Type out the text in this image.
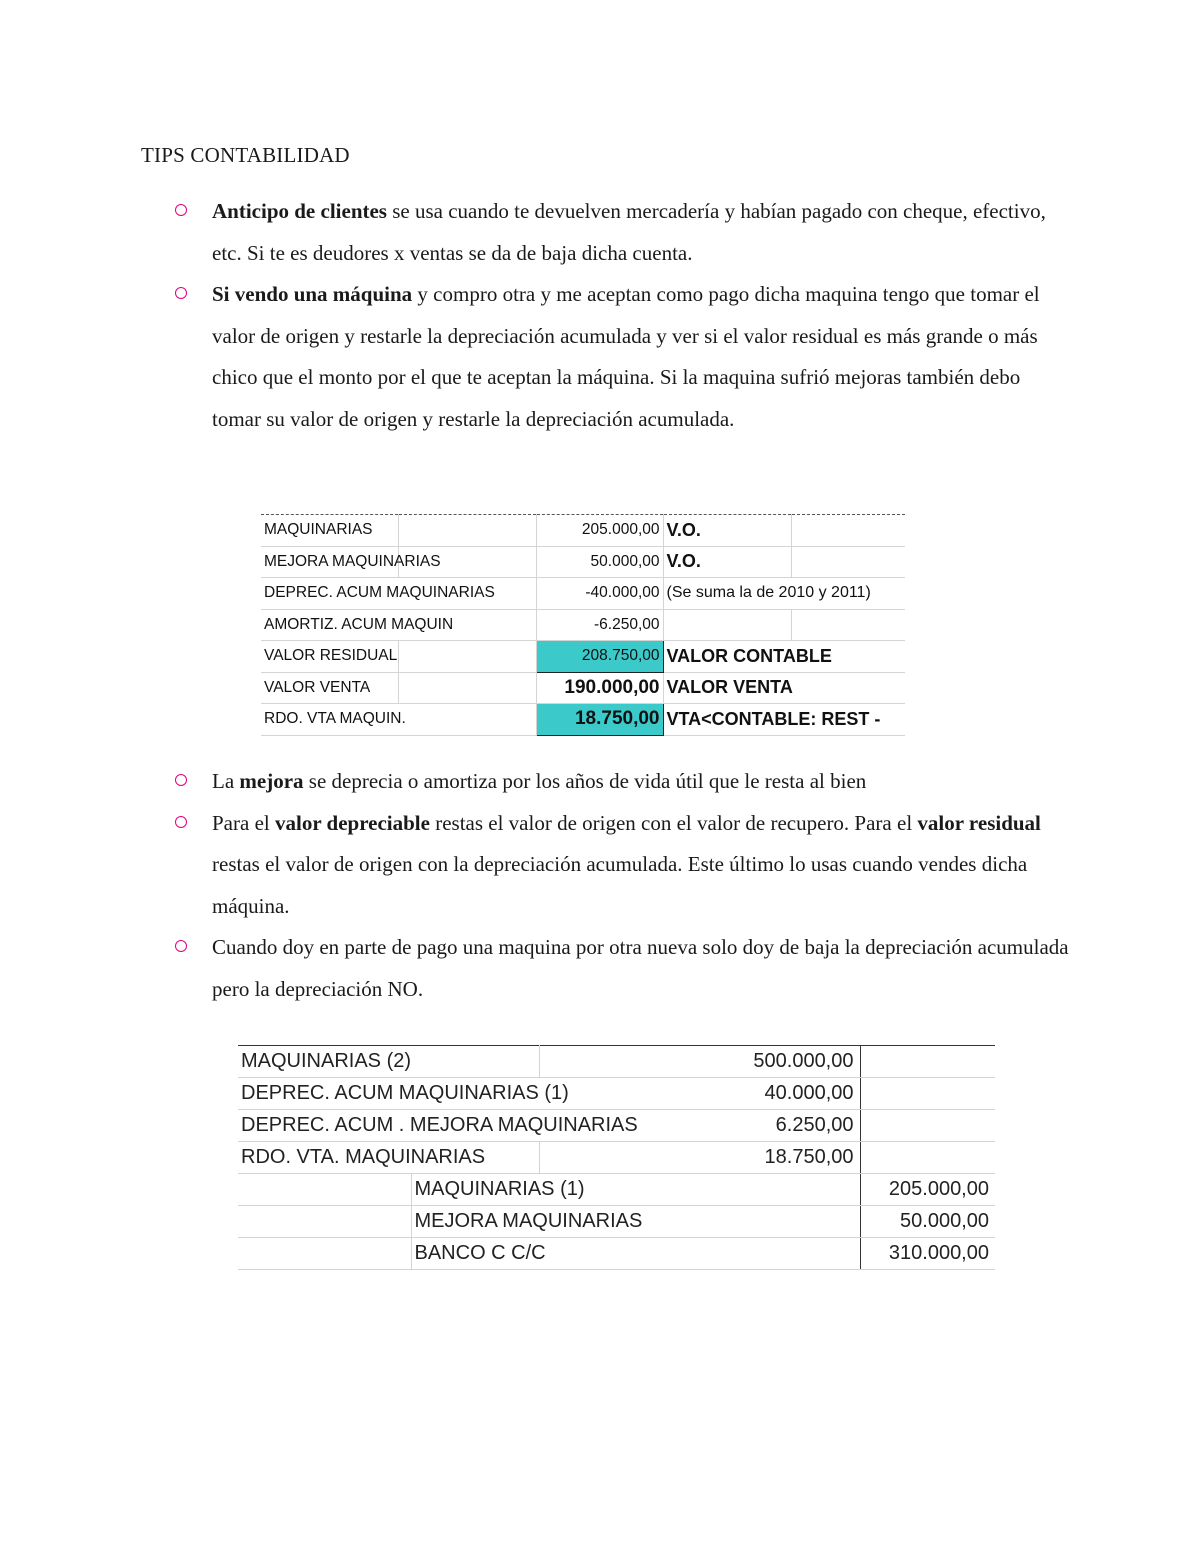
TIPS CONTABILIDAD
Anticipo de clientes se usa cuando te devuelven mercadería y habían pagado con cheque, efectivo, etc. Si te es deudores x ventas se da de baja dicha cuenta.
Si vendo una máquina y compro otra y me aceptan como pago dicha maquina tengo que tomar el valor de origen y restarle la depreciación acumulada y ver si el valor residual es más grande o más chico que el monto por el que te aceptan la máquina. Si la maquina sufrió mejoras también debo tomar su valor de origen y restarle la depreciación acumulada.
MAQUINARIAS		205.000,00	V.O.	
MEJORA MAQUINARIAS		50.000,00	V.O.	
DEPREC. ACUM MAQUINARIAS		-40.000,00	(Se suma la de 2010 y 2011)	
AMORTIZ. ACUM MAQUIN		-6.250,00		
VALOR RESIDUAL		208.750,00	VALOR CONTABLE	
VALOR VENTA		190.000,00	VALOR VENTA	
RDO. VTA MAQUIN.		18.750,00	VTA<CONTABLE: REST -	
La mejora se deprecia o amortiza por los años de vida útil que le resta al bien
Para el valor depreciable restas el valor de origen con el valor de recupero. Para el valor residual restas el valor de origen con la depreciación acumulada. Este último lo usas cuando vendes dicha máquina.
Cuando doy en parte de pago una maquina por otra nueva solo doy de baja la depreciación acumulada pero la depreciación NO.
MAQUINARIAS (2)			500.000,00	
DEPREC. ACUM MAQUINARIAS (1)			40.000,00	
DEPREC. ACUM . MEJORA MAQUINARIAS			6.250,00	
RDO. VTA. MAQUINARIAS			18.750,00	
	MAQUINARIAS (1)			205.000,00
	MEJORA MAQUINARIAS			50.000,00
	BANCO C C/C			310.000,00
